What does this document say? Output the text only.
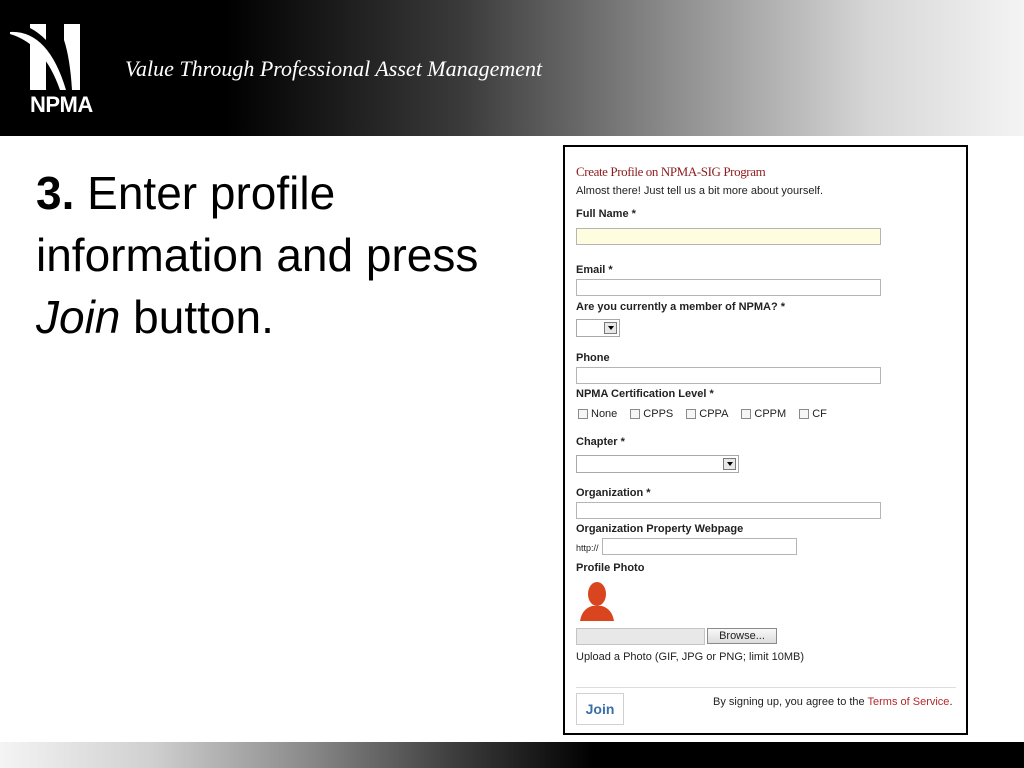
NPMA
Value Through Professional Asset Management
3. Enter profile information and press Join button.
Create Profile on NPMA-SIG Program
Almost there! Just tell us a bit more about yourself.
Full Name *
Email *
Are you currently a member of NPMA? *
Phone
NPMA Certification Level *
None CPPS CPPA CPPM CF
Chapter *
Organization *
Organization Property Webpage
http://
Profile Photo
Browse...
Upload a Photo (GIF, JPG or PNG; limit 10MB)
Join	By signing up, you agree to the Terms of Service.
